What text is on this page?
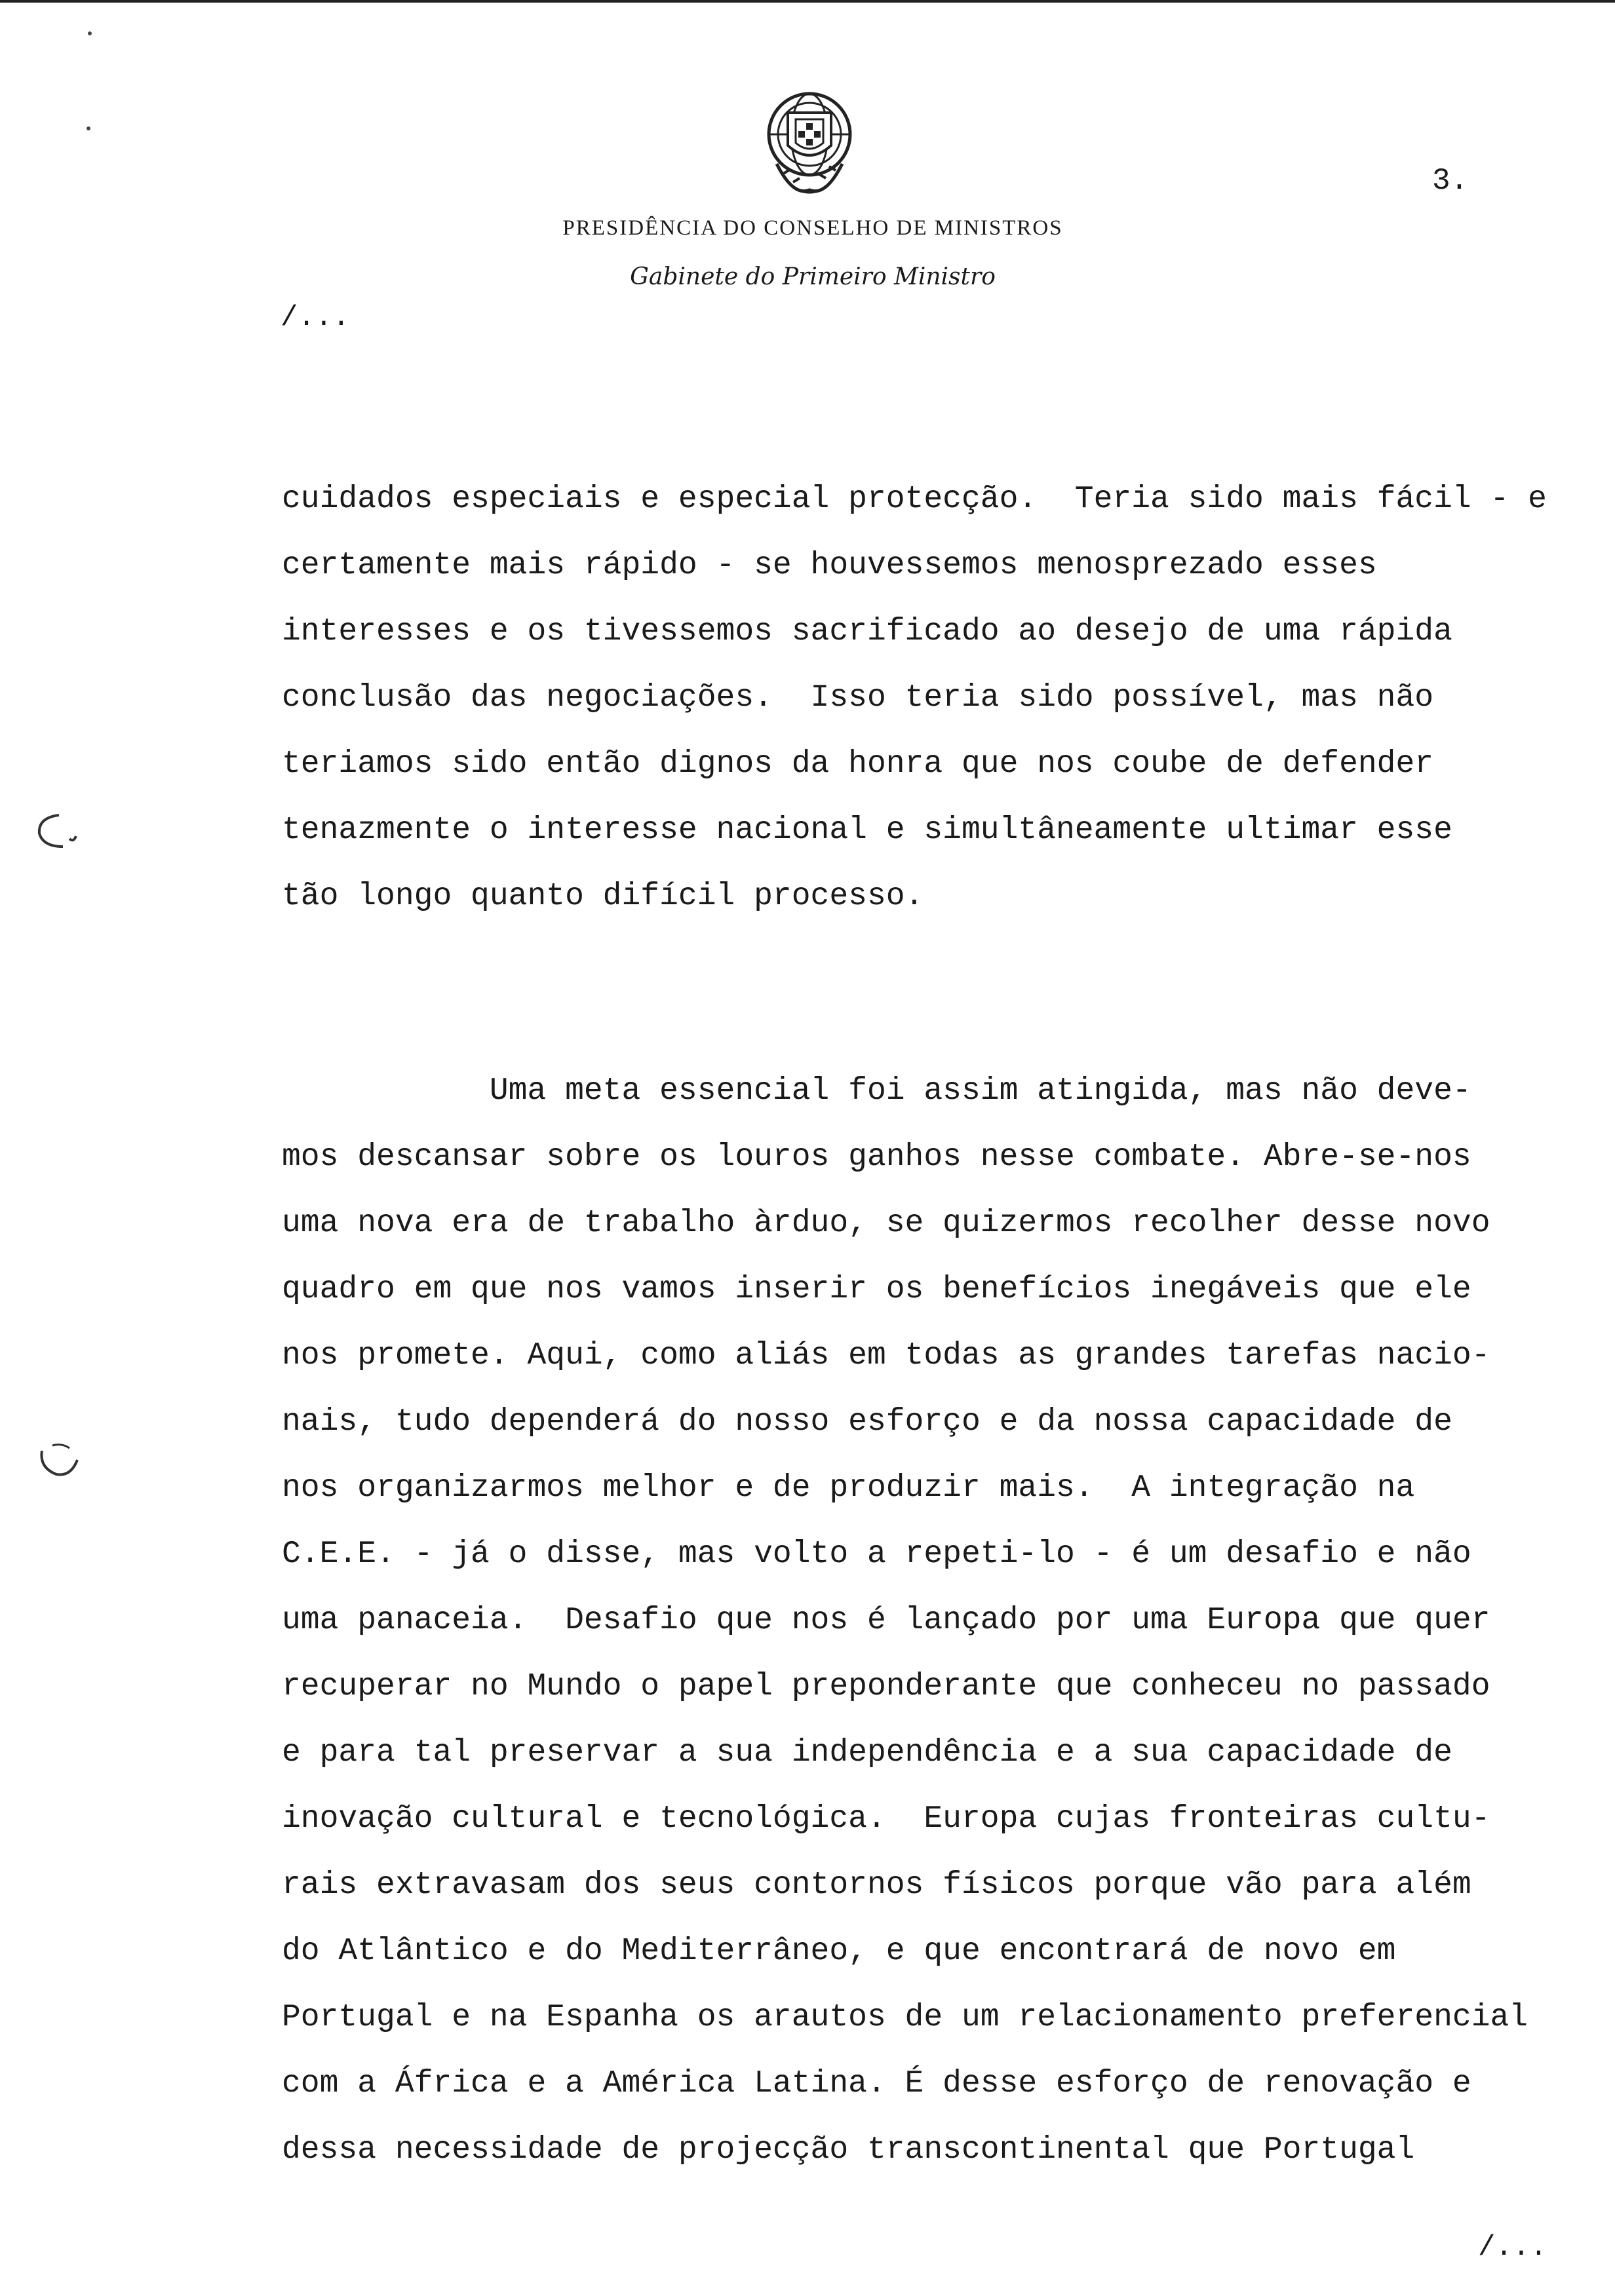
3.
PRESIDÊNCIA DO CONSELHO DE MINISTROS
Gabinete do Primeiro Ministro
/...
cuidados especiais e especial protecção.  Teria sido mais fácil - e
certamente mais rápido - se houvessemos menosprezado esses
interesses e os tivessemos sacrificado ao desejo de uma rápida
conclusão das negociações.  Isso teria sido possível, mas não
teriamos sido então dignos da honra que nos coube de defender
tenazmente o interesse nacional e simultâneamente ultimar esse
tão longo quanto difícil processo.
Uma meta essencial foi assim atingida, mas não deve-
mos descansar sobre os louros ganhos nesse combate. Abre-se-nos
uma nova era de trabalho àrduo, se quizermos recolher desse novo
quadro em que nos vamos inserir os benefícios inegáveis que ele
nos promete. Aqui, como aliás em todas as grandes tarefas nacio-
nais, tudo dependerá do nosso esforço e da nossa capacidade de
nos organizarmos melhor e de produzir mais.  A integração na
C.E.E. - já o disse, mas volto a repeti-lo - é um desafio e não
uma panaceia.  Desafio que nos é lançado por uma Europa que quer
recuperar no Mundo o papel preponderante que conheceu no passado
e para tal preservar a sua independência e a sua capacidade de
inovação cultural e tecnológica.  Europa cujas fronteiras cultu-
rais extravasam dos seus contornos físicos porque vão para além
do Atlântico e do Mediterrâneo, e que encontrará de novo em
Portugal e na Espanha os arautos de um relacionamento preferencial
com a África e a América Latina. É desse esforço de renovação e
dessa necessidade de projecção transcontinental que Portugal
/...
